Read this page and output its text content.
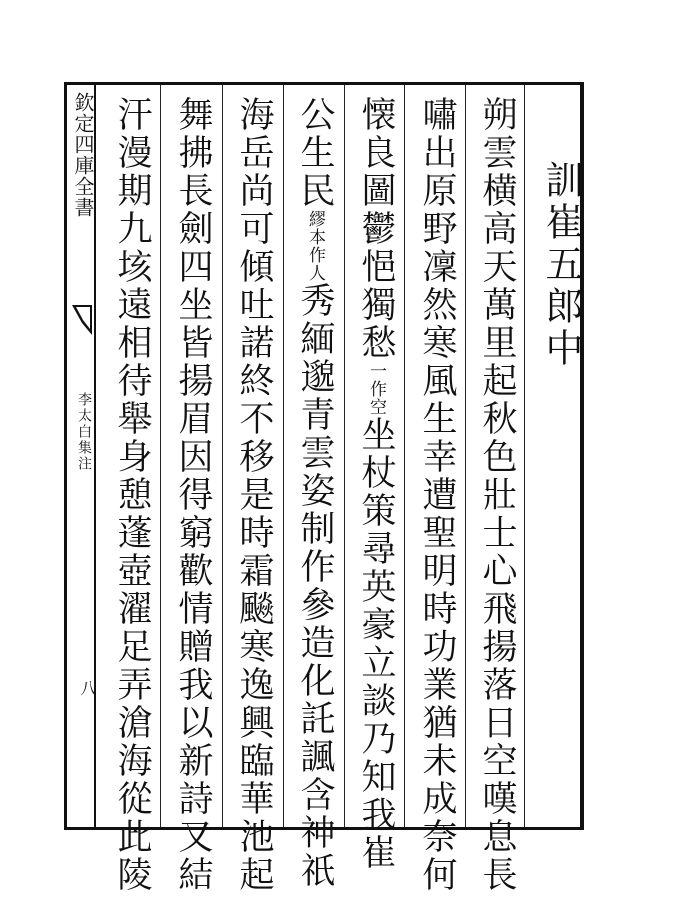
欽定四庫全書
李太白集注
八
訓崔五郎中
朔雲横高天萬里起秋色壯士心飛揚落日空嘆息長
嘯出原野凜然寒風生幸遭聖明時功業猶未成奈何
懐良圖鬱悒獨愁一作空坐杖策尋英豪立談乃知我崔
公生民繆本作人秀緬邈青雲姿制作參造化託諷含神祇
海岳尚可傾吐諾終不移是時霜飈寒逸興臨華池起
舞拂長劍四坐皆揚眉因得窮歡情贈我以新詩又結
汗漫期九垓遠相待舉身憩蓬壺濯足弄滄海從此陵
